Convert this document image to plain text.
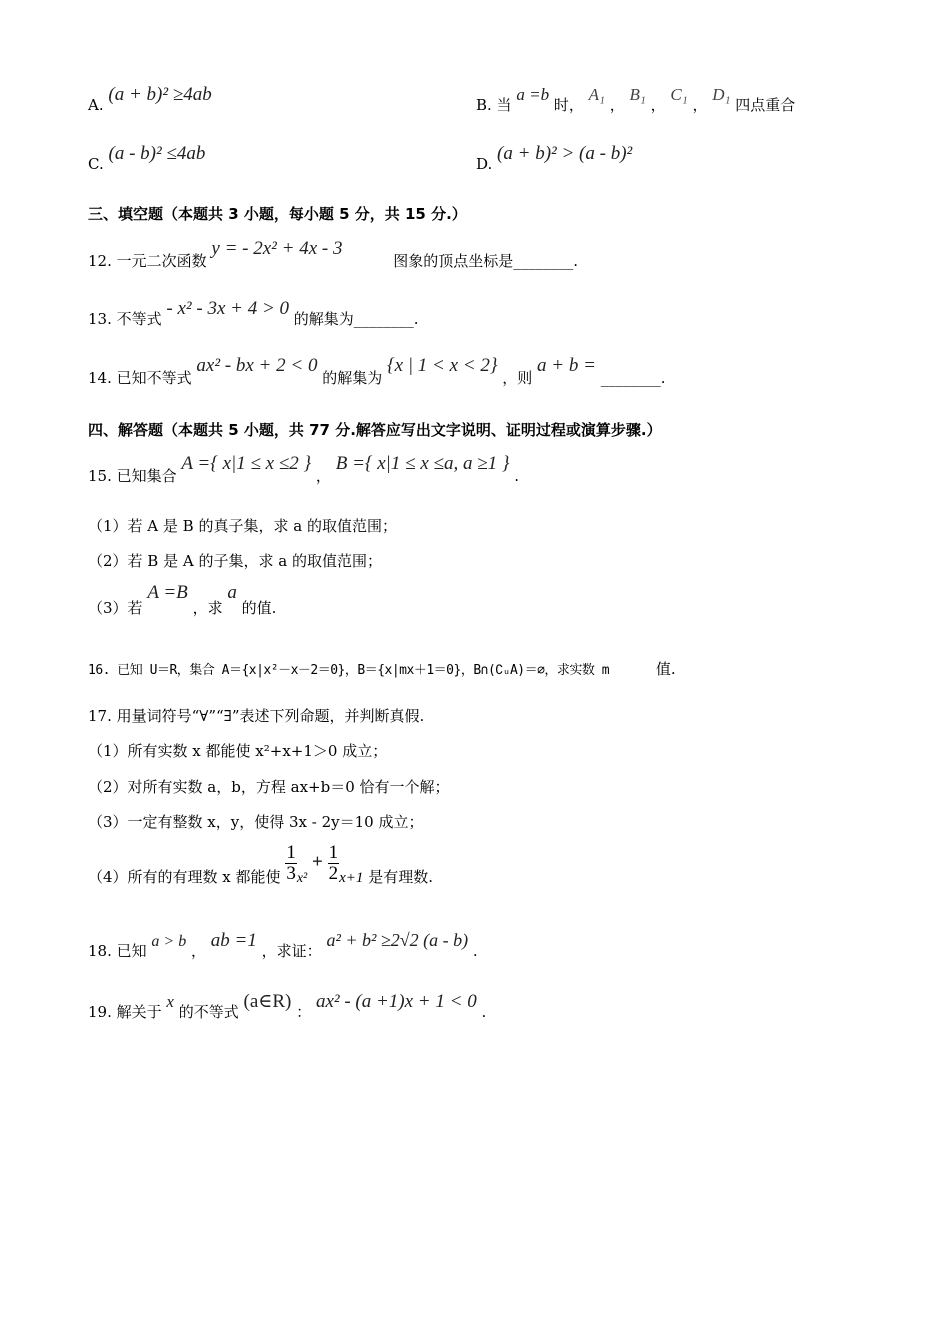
A. (a + b)² ≥4ab	B. 当 a =b 时， A₁ ， B₁ ， C₁ ， D₁ 四点重合
C. (a - b)² ≤4ab	D. (a + b)² > (a - b)²
三、填空题（本题共 3 小题，每小题 5 分，共 15 分.）
12. 一元二次函数 y = - 2x² + 4x - 3 图象的顶点坐标是________.
13. 不等式 - x² - 3x + 4 > 0 的解集为________.
14. 已知不等式 ax² - bx + 2 < 0 的解集为 {x | 1 < x < 2} ，则 a + b = ________.
四、解答题（本题共 5 小题，共 77 分.解答应写出文字说明、证明过程或演算步骤.）
15. 已知集合 A ={ x|1 ≤ x ≤2 } ， B ={ x|1 ≤ x ≤a, a ≥1 } .
（1）若 A 是 B 的真子集，求 a 的取值范围；
（2）若 B 是 A 的子集，求 a 的取值范围；
（3）若 A =B ，求 a 的值.
16. 已知 U＝R，集合 A＝{x|x²－x－2＝0}，B＝{x|mx＋1＝0}，B∩(∁ᵤA)＝∅，求实数 m	值.
17. 用量词符号“∀”“∃”表述下列命题，并判断真假.
（1）所有实数 x 都能使 x²+x+1＞0 成立；
（2）对所有实数 a，b，方程 ax+b＝0 恰有一个解；
（3）一定有整数 x，y，使得 3x - 2y＝10 成立；
（4）所有的有理数 x 都能使 $\frac{1}{3} x^2 + \frac{1}{2} x+1$ 是有理数.
18. 已知 a > b ， ab =1 ，求证： a² + b² ≥2√2 (a - b) .
19. 解关于 x 的不等式 (a∈R) ： ax² - (a +1)x + 1 < 0 .
